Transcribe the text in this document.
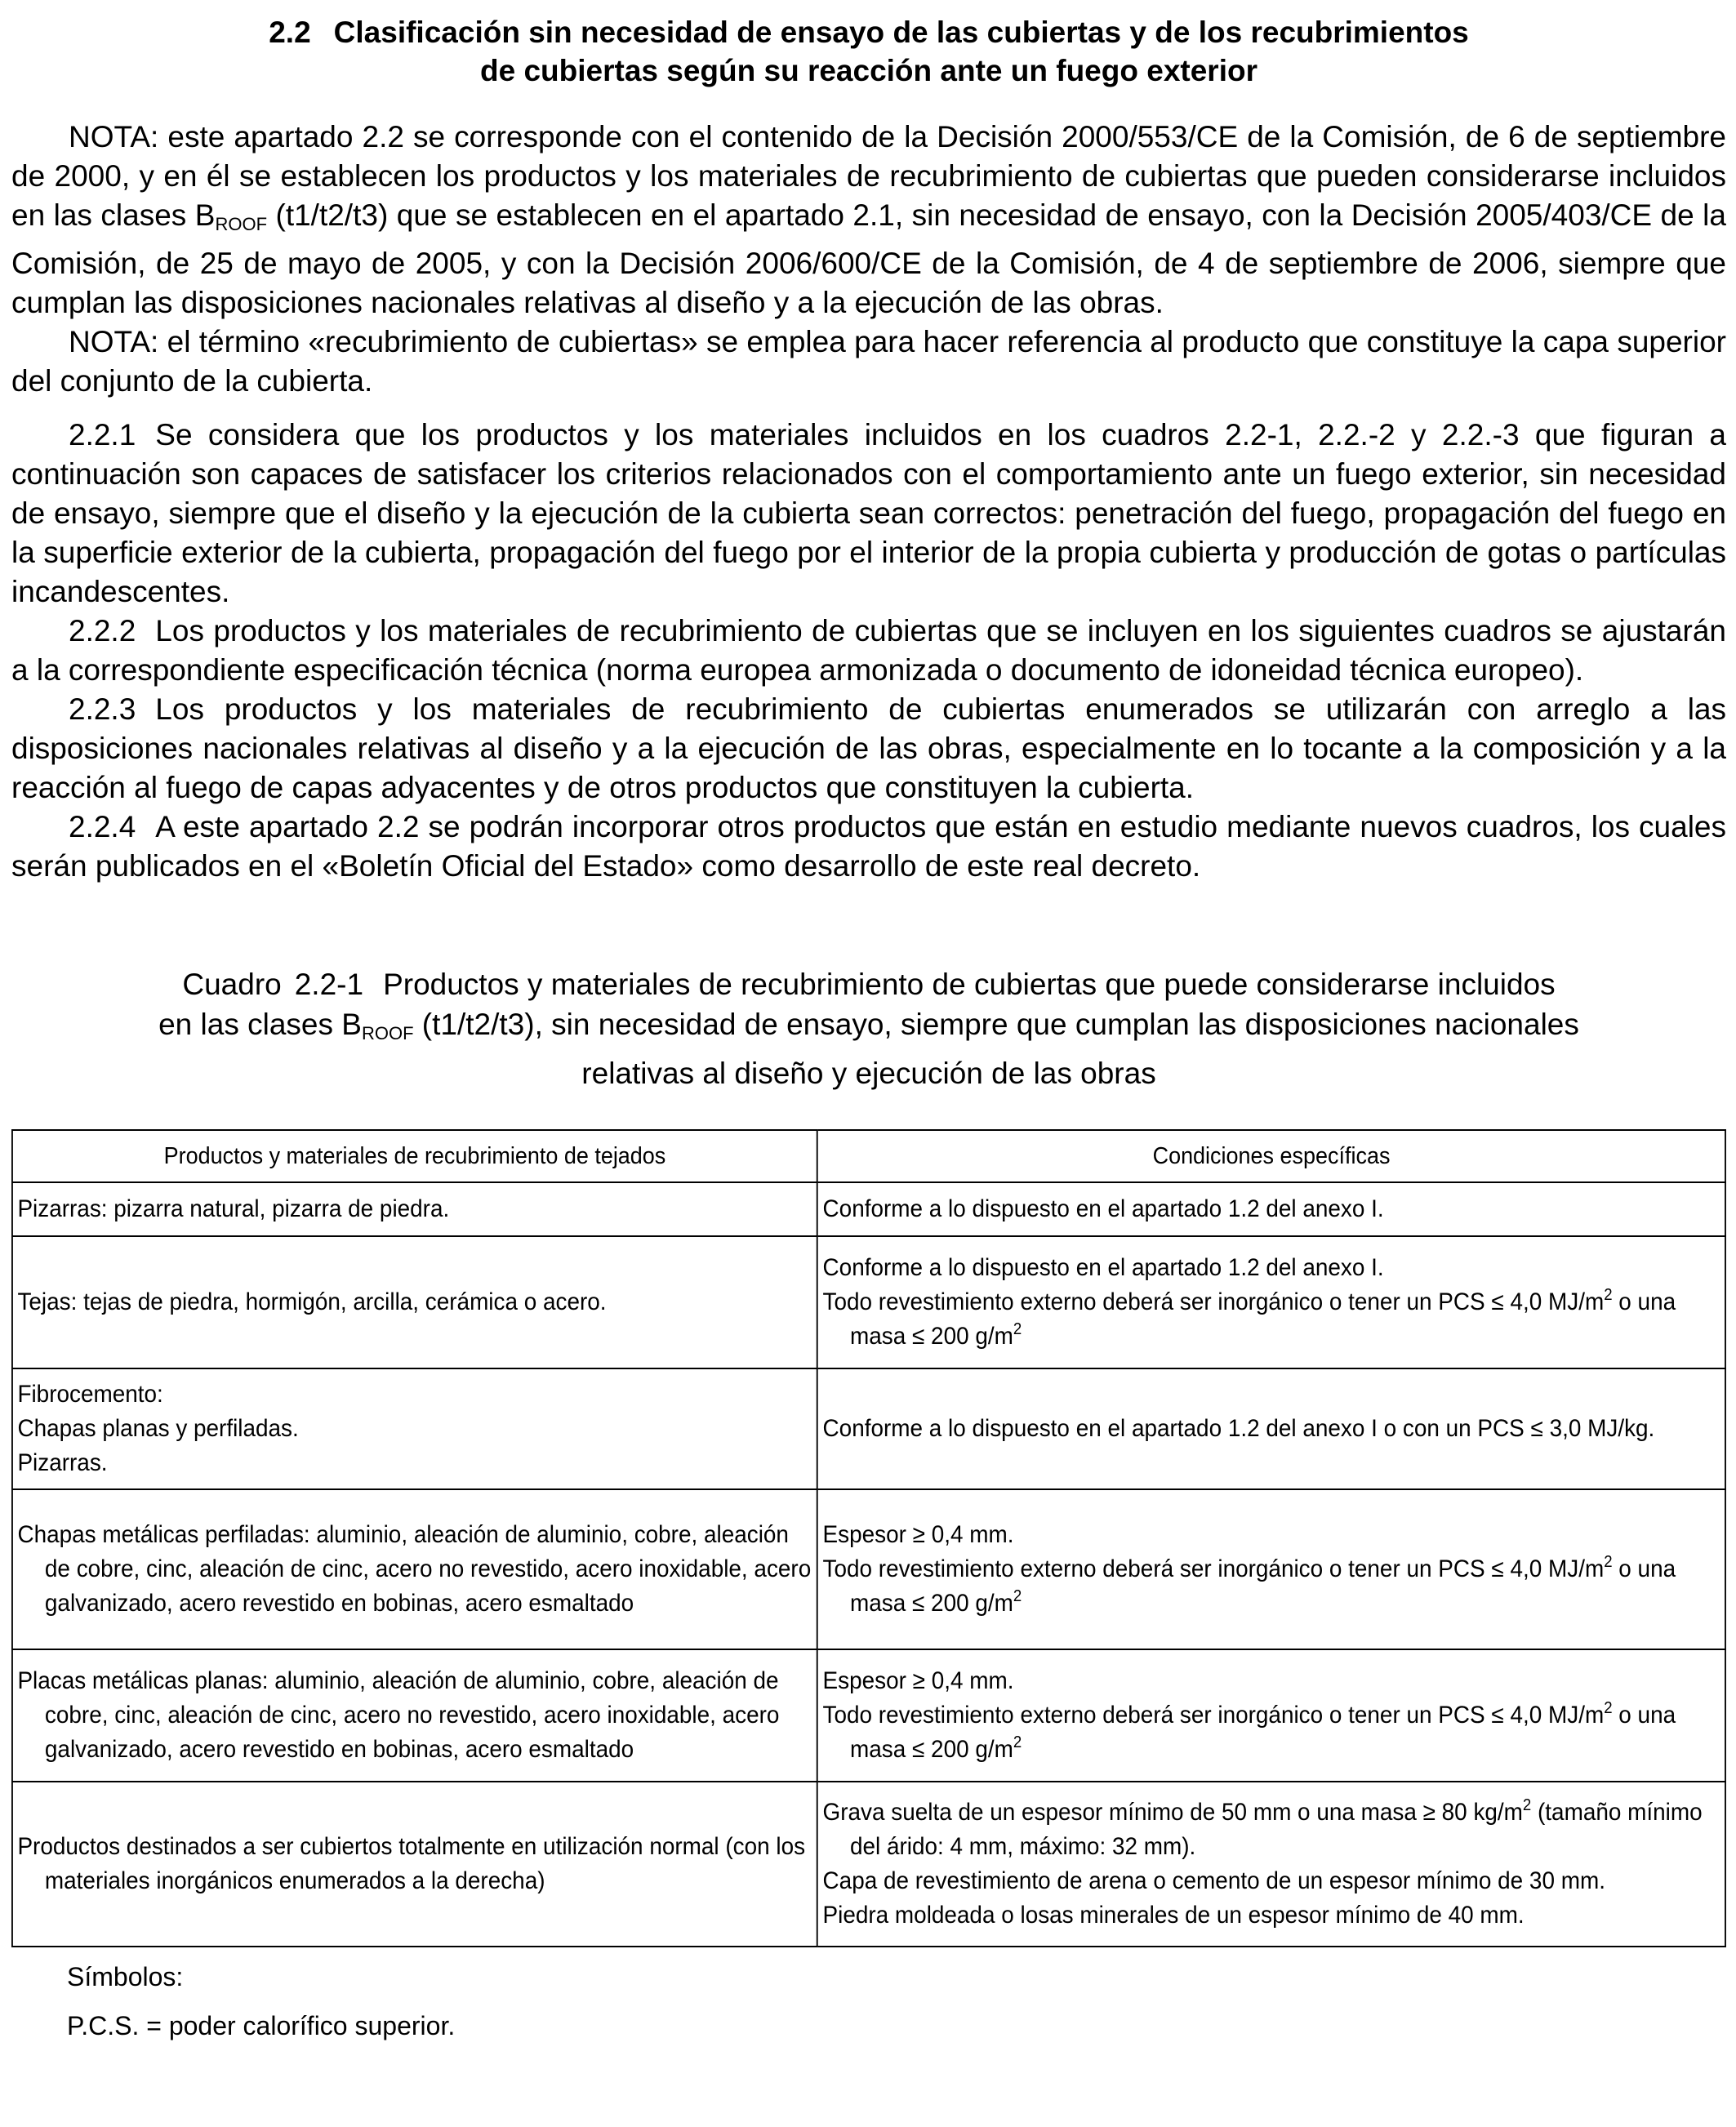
2.2 Clasificación sin necesidad de ensayo de las cubiertas y de los recubrimientos
de cubiertas según su reacción ante un fuego exterior

NOTA: este apartado 2.2 se corresponde con el contenido de la Decisión 2000/553/CE de la Comisión, de 6 de septiembre de 2000, y en él se establecen los productos y los materiales de recubrimiento de cubiertas que pueden considerarse incluidos en las clases $B_{ROOF}$ (t1/t2/t3) que se establecen en el apartado 2.1, sin necesidad de ensayo, con la Decisión 2005/403/CE de la Comisión, de 25 de mayo de 2005, y con la Decisión 2006/600/CE de la Comisión, de 4 de septiembre de 2006, siempre que cumplan las disposiciones nacionales relativas al diseño y a la ejecución de las obras.

NOTA: el término «recubrimiento de cubiertas» se emplea para hacer referencia al producto que constituye la capa superior del conjunto de la cubierta.

2.2.1 Se considera que los productos y los materiales incluidos en los cuadros 2.2-1, 2.2.-2 y 2.2.-3 que figuran a continuación son capaces de satisfacer los criterios relacionados con el comportamiento ante un fuego exterior, sin necesidad de ensayo, siempre que el diseño y la ejecución de la cubierta sean correctos: penetración del fuego, propagación del fuego en la superficie exterior de la cubierta, propagación del fuego por el interior de la propia cubierta y producción de gotas o partículas incandescentes.

2.2.2 Los productos y los materiales de recubrimiento de cubiertas que se incluyen en los siguientes cuadros se ajustarán a la correspondiente especificación técnica (norma europea armonizada o documento de idoneidad técnica europeo).

2.2.3 Los productos y los materiales de recubrimiento de cubiertas enumerados se utilizarán con arreglo a las disposiciones nacionales relativas al diseño y a la ejecución de las obras, especialmente en lo tocante a la composición y a la reacción al fuego de capas adyacentes y de otros productos que constituyen la cubierta.

2.2.4 A este apartado 2.2 se podrán incorporar otros productos que están en estudio mediante nuevos cuadros, los cuales serán publicados en el «Boletín Oficial del Estado» como desarrollo de este real decreto.

Cuadro 2.2-1 Productos y materiales de recubrimiento de cubiertas que puede considerarse incluidos
en las clases $B_{ROOF}$ (t1/t2/t3), sin necesidad de ensayo, siempre que cumplan las disposiciones nacionales
relativas al diseño y ejecución de las obras

Productos y materiales de recubrimiento de tejados	Condiciones específicas
Pizarras: pizarra natural, pizarra de piedra.	Conforme a lo dispuesto en el apartado 1.2 del anexo I.
Tejas: tejas de piedra, hormigón, arcilla, cerámica o acero.	Conforme a lo dispuesto en el apartado 1.2 del anexo I.
Todo revestimiento externo deberá ser inorgánico o tener un PCS ≤ 4,0 $MJ/m^2$ o una masa ≤ 200 $g/m^2$

Fibrocemento:
Chapas planas y perfiladas.
Pizarras.	Conforme a lo dispuesto en el apartado 1.2 del anexo I o con un PCS ≤ 3,0 MJ/kg.

Chapas metálicas perfiladas: aluminio, aleación de aluminio, cobre, aleación de cobre, cinc, aleación de cinc, acero no revestido, acero inoxidable, acero galvanizado, acero revestido en bobinas, acero esmaltado	Espesor ≥ 0,4 mm.
Todo revestimiento externo deberá ser inorgánico o tener un PCS ≤ 4,0 $MJ/m^2$ o una masa ≤ 200 $g/m^2$

Placas metálicas planas: aluminio, aleación de aluminio, cobre, aleación de cobre, cinc, aleación de cinc, acero no revestido, acero inoxidable, acero galvanizado, acero revestido en bobinas, acero esmaltado	Espesor ≥ 0,4 mm.
Todo revestimiento externo deberá ser inorgánico o tener un PCS ≤ 4,0 $MJ/m^2$ o una masa ≤ 200 $g/m^2$

Productos destinados a ser cubiertos totalmente en utilización normal (con los materiales inorgánicos enumerados a la derecha)	Grava suelta de un espesor mínimo de 50 mm o una masa ≥ 80 $kg/m^2$ (tamaño mínimo del árido: 4 mm, máximo: 32 mm).
Capa de revestimiento de arena o cemento de un espesor mínimo de 30 mm.
Piedra moldeada o losas minerales de un espesor mínimo de 40 mm.

Símbolos:

P.C.S. = poder calorífico superior.
